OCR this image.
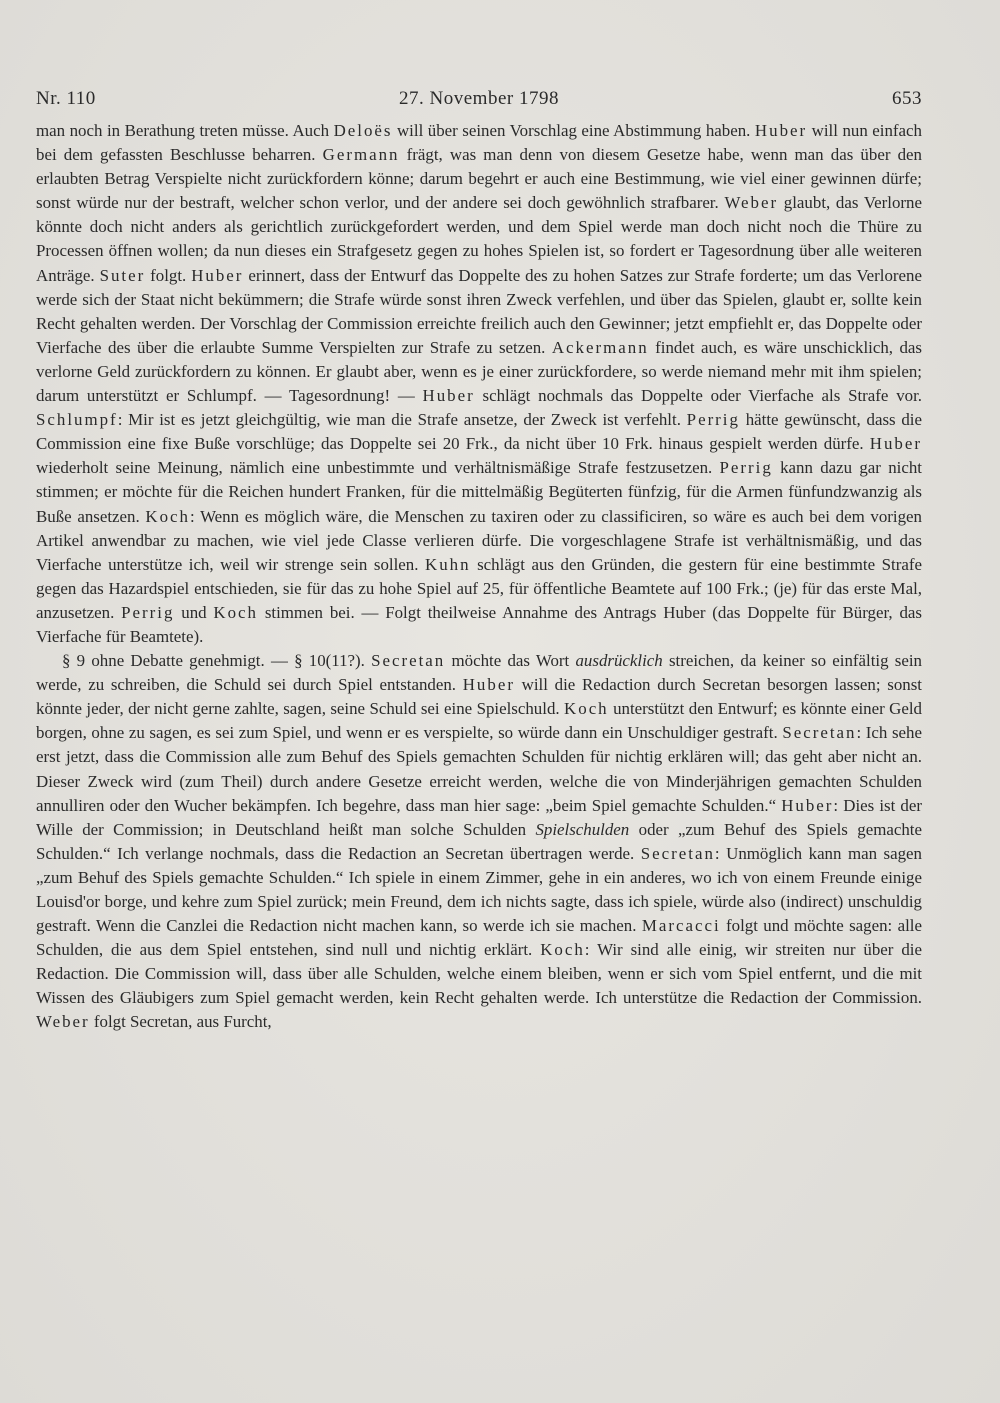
Nr. 110	27. November 1798	653

man noch in Berathung treten müsse. Auch Deloës will über seinen Vorschlag eine Abstimmung haben. Huber will nun einfach bei dem gefassten Beschlusse beharren. Germann frägt, was man denn von diesem Gesetze habe, wenn man das über den erlaubten Betrag Verspielte nicht zurückfordern könne; darum begehrt er auch eine Bestimmung, wie viel einer gewinnen dürfe; sonst würde nur der bestraft, welcher schon verlor, und der andere sei doch gewöhnlich strafbarer. Weber glaubt, das Verlorne könnte doch nicht anders als gerichtlich zurückgefordert werden, und dem Spiel werde man doch nicht noch die Thüre zu Processen öffnen wollen; da nun dieses ein Strafgesetz gegen zu hohes Spielen ist, so fordert er Tagesordnung über alle weiteren Anträge. Suter folgt. Huber erinnert, dass der Entwurf das Doppelte des zu hohen Satzes zur Strafe forderte; um das Verlorene werde sich der Staat nicht bekümmern; die Strafe würde sonst ihren Zweck verfehlen, und über das Spielen, glaubt er, sollte kein Recht gehalten werden. Der Vorschlag der Commission erreichte freilich auch den Gewinner; jetzt empfiehlt er, das Doppelte oder Vierfache des über die erlaubte Summe Verspielten zur Strafe zu setzen. Ackermann findet auch, es wäre unschicklich, das verlorne Geld zurückfordern zu können. Er glaubt aber, wenn es je einer zurückfordere, so werde niemand mehr mit ihm spielen; darum unterstützt er Schlumpf. — Tagesordnung! — Huber schlägt nochmals das Doppelte oder Vierfache als Strafe vor. Schlumpf: Mir ist es jetzt gleichgültig, wie man die Strafe ansetze, der Zweck ist verfehlt. Perrig hätte gewünscht, dass die Commission eine fixe Buße vorschlüge; das Doppelte sei 20 Frk., da nicht über 10 Frk. hinaus gespielt werden dürfe. Huber wiederholt seine Meinung, nämlich eine unbestimmte und verhältnismäßige Strafe festzusetzen. Perrig kann dazu gar nicht stimmen; er möchte für die Reichen hundert Franken, für die mittelmäßig Begüterten fünfzig, für die Armen fünfundzwanzig als Buße ansetzen. Koch: Wenn es möglich wäre, die Menschen zu taxiren oder zu classificiren, so wäre es auch bei dem vorigen Artikel anwendbar zu machen, wie viel jede Classe verlieren dürfe. Die vorgeschlagene Strafe ist verhältnismäßig, und das Vierfache unterstütze ich, weil wir strenge sein sollen. Kuhn schlägt aus den Gründen, die gestern für eine bestimmte Strafe gegen das Hazardspiel entschieden, sie für das zu hohe Spiel auf 25, für öffentliche Beamtete auf 100 Frk.; (je) für das erste Mal, anzusetzen. Perrig und Koch stimmen bei. — Folgt theilweise Annahme des Antrags Huber (das Doppelte für Bürger, das Vierfache für Beamtete).

§ 9 ohne Debatte genehmigt. — § 10(11?). Secretan möchte das Wort ausdrücklich streichen, da keiner so einfältig sein werde, zu schreiben, die Schuld sei durch Spiel entstanden. Huber will die Redaction durch Secretan besorgen lassen; sonst könnte jeder, der nicht gerne zahlte, sagen, seine Schuld sei eine Spielschuld. Koch unterstützt den Entwurf; es könnte einer Geld borgen, ohne zu sagen, es sei zum Spiel, und wenn er es verspielte, so würde dann ein Unschuldiger gestraft. Secretan: Ich sehe erst jetzt, dass die Commission alle zum Behuf des Spiels gemachten Schulden für nichtig erklären will; das geht aber nicht an. Dieser Zweck wird (zum Theil) durch andere Gesetze erreicht werden, welche die von Minderjährigen gemachten Schulden annulliren oder den Wucher bekämpfen. Ich begehre, dass man hier sage: „beim Spiel gemachte Schulden.“ Huber: Dies ist der Wille der Commission; in Deutschland heißt man solche Schulden Spielschulden oder „zum Behuf des Spiels gemachte Schulden.“ Ich verlange nochmals, dass die Redaction an Secretan übertragen werde. Secretan: Unmöglich kann man sagen „zum Behuf des Spiels gemachte Schulden.“ Ich spiele in einem Zimmer, gehe in ein anderes, wo ich von einem Freunde einige Louisd'or borge, und kehre zum Spiel zurück; mein Freund, dem ich nichts sagte, dass ich spiele, würde also (indirect) unschuldig gestraft. Wenn die Canzlei die Redaction nicht machen kann, so werde ich sie machen. Marcacci folgt und möchte sagen: alle Schulden, die aus dem Spiel entstehen, sind null und nichtig erklärt. Koch: Wir sind alle einig, wir streiten nur über die Redaction. Die Commission will, dass über alle Schulden, welche einem bleiben, wenn er sich vom Spiel entfernt, und die mit Wissen des Gläubigers zum Spiel gemacht werden, kein Recht gehalten werde. Ich unterstütze die Redaction der Commission. Weber folgt Secretan, aus Furcht,
